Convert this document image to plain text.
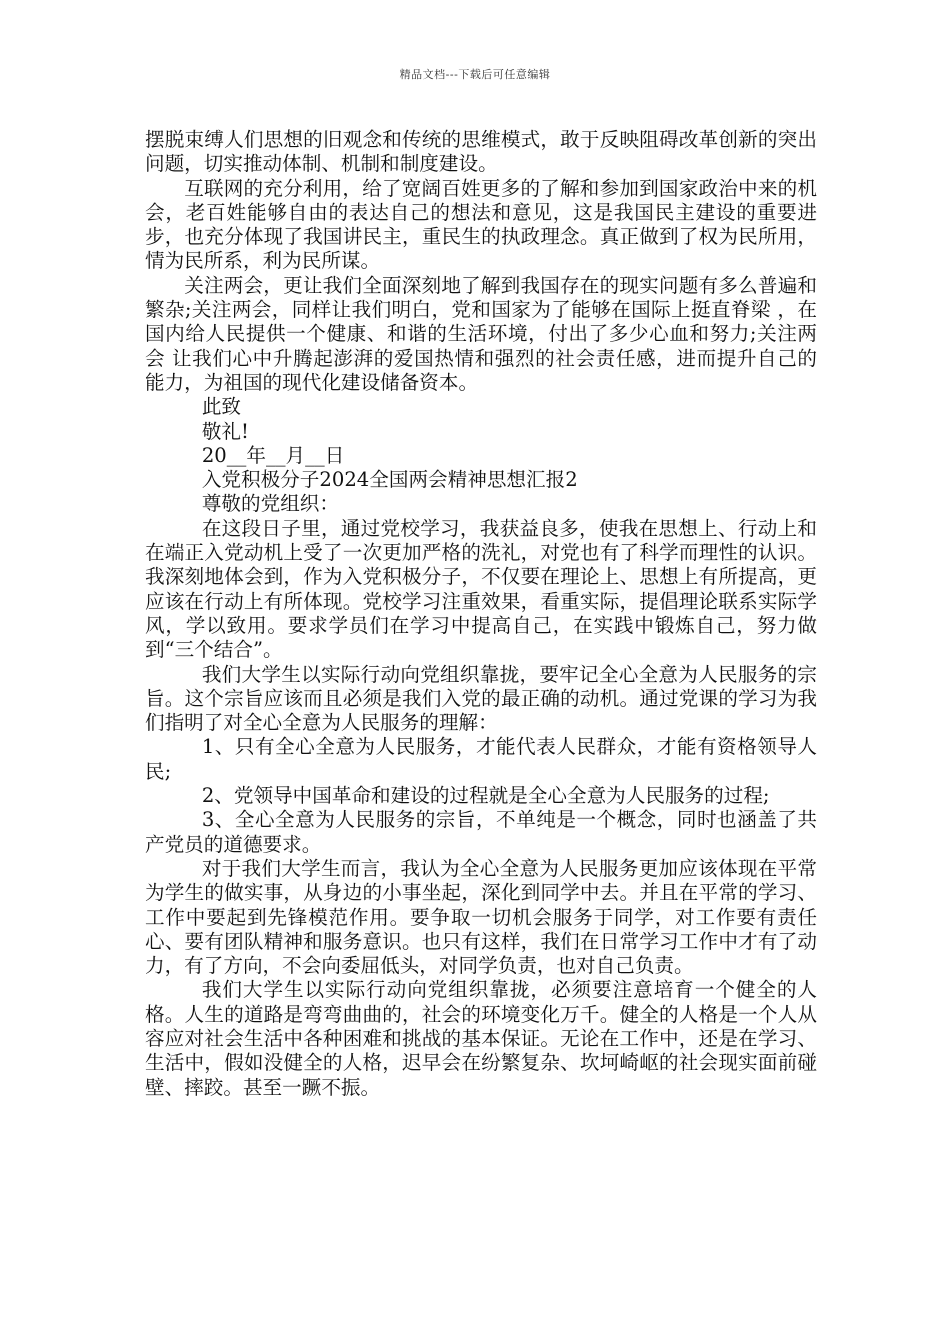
精品文档---下载后可任意编辑

摆脱束缚人们思想的旧观念和传统的思维模式，敢于反映阻碍改革创新的突出问题，切实推动体制、机制和制度建设。

互联网的充分利用，给了宽阔百姓更多的了解和参加到国家政治中来的机会，老百姓能够自由的表达自己的想法和意见，这是我国民主建设的重要进步，也充分体现了我国讲民主，重民生的执政理念。真正做到了权为民所用，情为民所系，利为民所谋。

关注两会，更让我们全面深刻地了解到我国存在的现实问题有多么普遍和繁杂;关注两会，同样让我们明白，党和国家为了能够在国际上挺直脊梁 ，在国内给人民提供一个健康、和谐的生活环境，付出了多少心血和努力;关注两会 让我们心中升腾起澎湃的爱国热情和强烈的社会责任感，进而提升自己的能力，为祖国的现代化建设储备资本。

此致

敬礼!

20__年__月__日

入党积极分子2024全国两会精神思想汇报2

尊敬的党组织：

在这段日子里，通过党校学习，我获益良多，使我在思想上、行动上和在端正入党动机上受了一次更加严格的洗礼，对党也有了科学而理性的认识。我深刻地体会到，作为入党积极分子，不仅要在理论上、思想上有所提高，更应该在行动上有所体现。党校学习注重效果，看重实际，提倡理论联系实际学风，学以致用。要求学员们在学习中提高自己，在实践中锻炼自己，努力做到“三个结合”。

我们大学生以实际行动向党组织靠拢，要牢记全心全意为人民服务的宗旨。这个宗旨应该而且必须是我们入党的最正确的动机。通过党课的学习为我们指明了对全心全意为人民服务的理解：

1、只有全心全意为人民服务，才能代表人民群众，才能有资格领导人民;

2、党领导中国革命和建设的过程就是全心全意为人民服务的过程;

3、全心全意为人民服务的宗旨，不单纯是一个概念，同时也涵盖了共产党员的道德要求。

对于我们大学生而言，我认为全心全意为人民服务更加应该体现在平常为学生的做实事，从身边的小事坐起，深化到同学中去。并且在平常的学习、工作中要起到先锋模范作用。要争取一切机会服务于同学，对工作要有责任心、要有团队精神和服务意识。也只有这样，我们在日常学习工作中才有了动力，有了方向，不会向委屈低头，对同学负责，也对自己负责。

我们大学生以实际行动向党组织靠拢，必须要注意培育一个健全的人格。人生的道路是弯弯曲曲的，社会的环境变化万千。健全的人格是一个人从容应对社会生活中各种困难和挑战的基本保证。无论在工作中，还是在学习、生活中，假如没健全的人格，迟早会在纷繁复杂、坎坷崎岖的社会现实面前碰壁、摔跤。甚至一蹶不振。
